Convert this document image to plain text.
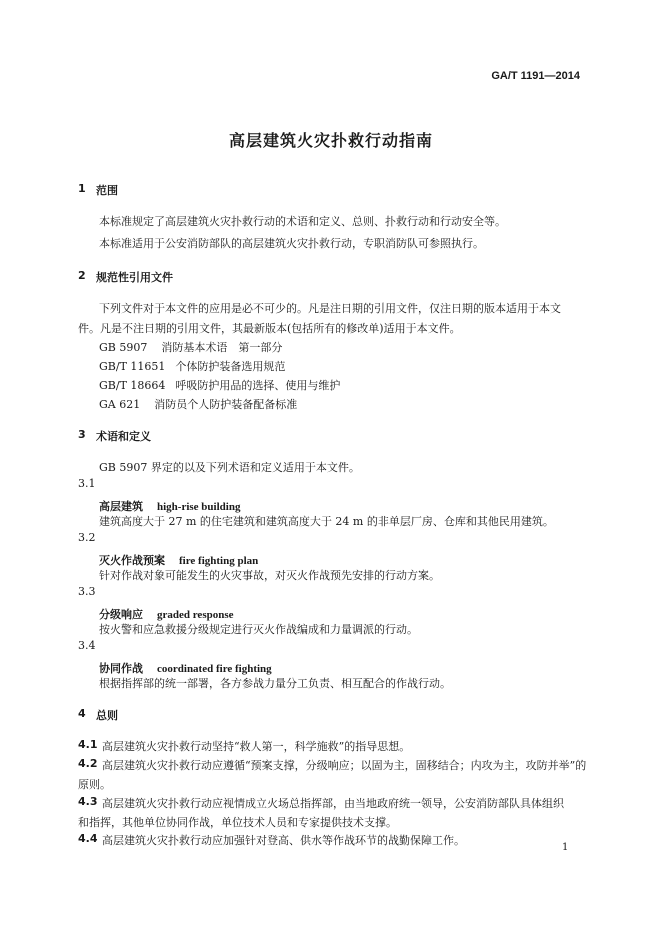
GA/T 1191—2014
高层建筑火灾扑救行动指南
1 范围
本标准规定了高层建筑火灾扑救行动的术语和定义、总则、扑救行动和行动安全等。
本标准适用于公安消防部队的高层建筑火灾扑救行动，专职消防队可参照执行。
2 规范性引用文件
下列文件对于本文件的应用是必不可少的。凡是注日期的引用文件，仅注日期的版本适用于本文
件。凡是不注日期的引用文件，其最新版本(包括所有的修改单)适用于本文件。
GB 5907 消防基本术语　第一部分
GB/T 11651 个体防护装备选用规范
GB/T 18664 呼吸防护用品的选择、使用与维护
GA 621 消防员个人防护装备配备标准
3 术语和定义
GB 5907 界定的以及下列术语和定义适用于本文件。
3.1
高层建筑 high-rise building
建筑高度大于 27 m 的住宅建筑和建筑高度大于 24 m 的非单层厂房、仓库和其他民用建筑。
3.2
灭火作战预案 fire fighting plan
针对作战对象可能发生的火灾事故，对灭火作战预先安排的行动方案。
3.3
分级响应 graded response
按火警和应急救援分级规定进行灭火作战编成和力量调派的行动。
3.4
协同作战 coordinated fire fighting
根据指挥部的统一部署，各方参战力量分工负责、相互配合的作战行动。
4 总则
4.1 高层建筑火灾扑救行动坚持“救人第一，科学施救”的指导思想。
4.2 高层建筑火灾扑救行动应遵循“预案支撑，分级响应；以固为主，固移结合；内攻为主，攻防并举”的
原则。
4.3 高层建筑火灾扑救行动应视情成立火场总指挥部，由当地政府统一领导，公安消防部队具体组织
和指挥，其他单位协同作战，单位技术人员和专家提供技术支撑。
4.4 高层建筑火灾扑救行动应加强针对登高、供水等作战环节的战勤保障工作。
1
